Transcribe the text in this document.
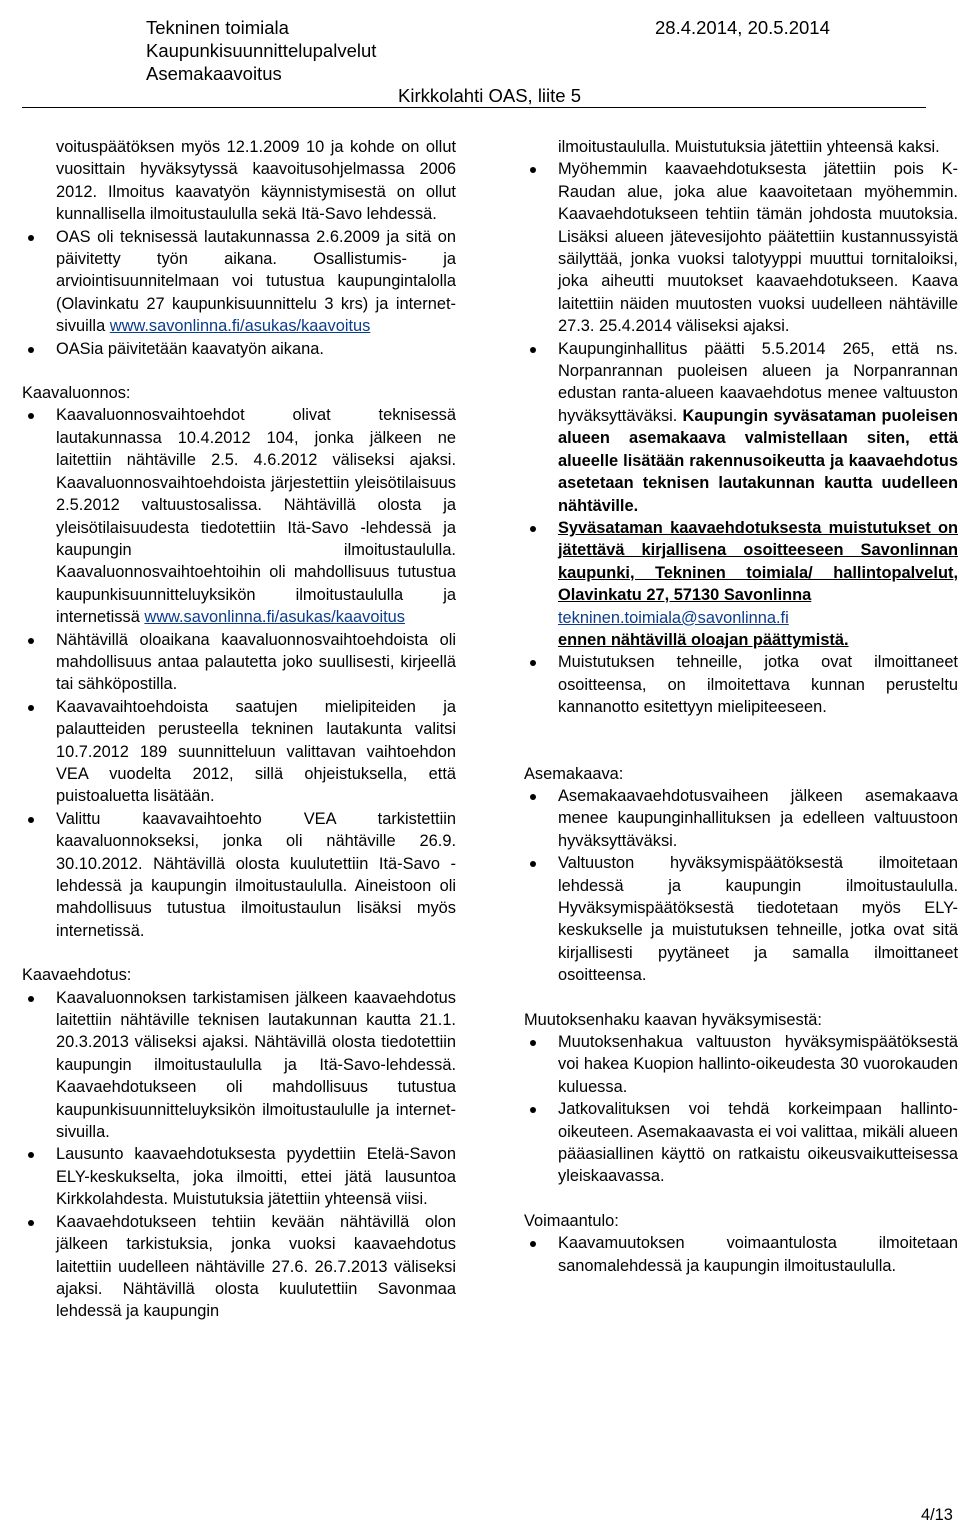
Tekninen toimiala
Kaupunkisuunnittelupalvelut
Asemakaavoitus
28.4.2014, 20.5.2014
Kirkkolahti OAS, liite 5

voituspäätöksen myös 12.1.2009 10 ja kohde on ollut vuosittain hyväksytyssä kaavoitusohjelmassa 2006 2012. Ilmoitus kaavatyön käynnistymisestä on ollut kunnallisella ilmoitustaululla sekä Itä-Savo lehdessä.

OAS oli teknisessä lautakunnassa 2.6.2009 ja sitä on päivitetty työn aikana. Osallistumis- ja arviointisuunnitelmaan voi tutustua kaupungintalolla (Olavinkatu 27 kaupunkisuunnittelu 3 krs) ja internet-sivuilla www.savonlinna.fi/asukas/kaavoitus
OASia päivitetään kaavatyön aikana.

Kaavaluonnos:

Kaavaluonnosvaihtoehdot olivat teknisessä lautakunnassa 10.4.2012 104, jonka jälkeen ne laitettiin nähtäville 2.5. 4.6.2012 väliseksi ajaksi. Kaavaluonnosvaihtoehdoista järjestettiin yleisötilaisuus 2.5.2012 valtuustosalissa. Nähtävillä olosta ja yleisötilaisuudesta tiedotettiin Itä-Savo -lehdessä ja kaupungin ilmoitustaululla. Kaavaluonnosvaihtoehtoihin oli mahdollisuus tutustua kaupunkisuunnitteluyksikön ilmoitustaululla ja internetissä www.savonlinna.fi/asukas/kaavoitus
Nähtävillä oloaikana kaavaluonnosvaihtoehdoista oli mahdollisuus antaa palautetta joko suullisesti, kirjeellä tai sähköpostilla.
Kaavavaihtoehdoista saatujen mielipiteiden ja palautteiden perusteella tekninen lautakunta valitsi 10.7.2012 189 suunnitteluun valittavan vaihtoehdon VEA vuodelta 2012, sillä ohjeistuksella, että puistoaluetta lisätään.
Valittu kaavavaihtoehto VEA tarkistettiin kaavaluonnokseksi, jonka oli nähtäville 26.9. 30.10.2012. Nähtävillä olosta kuulutettiin Itä-Savo -lehdessä ja kaupungin ilmoitustaululla. Aineistoon oli mahdollisuus tutustua ilmoitustaulun lisäksi myös internetissä.

Kaavaehdotus:

Kaavaluonnoksen tarkistamisen jälkeen kaavaehdotus laitettiin nähtäville teknisen lautakunnan kautta 21.1. 20.3.2013 väliseksi ajaksi. Nähtävillä olosta tiedotettiin kaupungin ilmoitustaululla ja Itä-Savo-lehdessä. Kaavaehdotukseen oli mahdollisuus tutustua kaupunkisuunnitteluyksikön ilmoitustaululle ja internet-sivuilla.
Lausunto kaavaehdotuksesta pyydettiin Etelä-Savon ELY-keskukselta, joka ilmoitti, ettei jätä lausuntoa Kirkkolahdesta. Muistutuksia jätettiin yhteensä viisi.
Kaavaehdotukseen tehtiin kevään nähtävillä olon jälkeen tarkistuksia, jonka vuoksi kaavaehdotus laitettiin uudelleen nähtäville 27.6. 26.7.2013 väliseksi ajaksi. Nähtävillä olosta kuulutettiin Savonmaa lehdessä ja kaupungin

ilmoitustaululla. Muistutuksia jätettiin yhteensä kaksi.

Myöhemmin kaavaehdotuksesta jätettiin pois K-Raudan alue, joka alue kaavoitetaan myöhemmin. Kaavaehdotukseen tehtiin tämän johdosta muutoksia. Lisäksi alueen jätevesijohto päätettiin kustannussyistä säilyttää, jonka vuoksi talotyyppi muuttui tornitaloiksi, joka aiheutti muutokset kaavaehdotukseen. Kaava laitettiin näiden muutosten vuoksi uudelleen nähtäville 27.3. 25.4.2014 väliseksi ajaksi.
Kaupunginhallitus päätti 5.5.2014 265, että ns. Norpanrannan puoleisen alueen ja Norpanrannan edustan ranta-alueen kaavaehdotus menee valtuuston hyväksyttäväksi. Kaupungin syväsataman puoleisen alueen asemakaava valmistellaan siten, että alueelle lisätään rakennusoikeutta ja kaavaehdotus asetetaan teknisen lautakunnan kautta uudelleen nähtäville.
Syväsataman kaavaehdotuksesta muistutukset on jätettävä kirjallisena osoitteeseen Savonlinnan kaupunki, Tekninen toimiala/ hallintopalvelut, Olavinkatu 27, 57130 Savonlinna
tekninen.toimiala@savonlinna.fi
ennen nähtävillä oloajan päättymistä.
Muistutuksen tehneille, jotka ovat ilmoittaneet osoitteensa, on ilmoitettava kunnan perusteltu kannanotto esitettyyn mielipiteeseen.

Asemakaava:

Asemakaavaehdotusvaiheen jälkeen asemakaava menee kaupunginhallituksen ja edelleen valtuustoon hyväksyttäväksi.
Valtuuston hyväksymispäätöksestä ilmoitetaan lehdessä ja kaupungin ilmoitustaululla. Hyväksymispäätöksestä tiedotetaan myös ELY-keskukselle ja muistutuksen tehneille, jotka ovat sitä kirjallisesti pyytäneet ja samalla ilmoittaneet osoitteensa.

Muutoksenhaku kaavan hyväksymisestä:

Muutoksenhakua valtuuston hyväksymispäätöksestä voi hakea Kuopion hallinto-oikeudesta 30 vuorokauden kuluessa.
Jatkovalituksen voi tehdä korkeimpaan hallinto-oikeuteen. Asemakaavasta ei voi valittaa, mikäli alueen pääasiallinen käyttö on ratkaistu oikeusvaikutteisessa yleiskaavassa.

Voimaantulo:

Kaavamuutoksen voimaantulosta ilmoitetaan sanomalehdessä ja kaupungin ilmoitustaululla.
4/13
